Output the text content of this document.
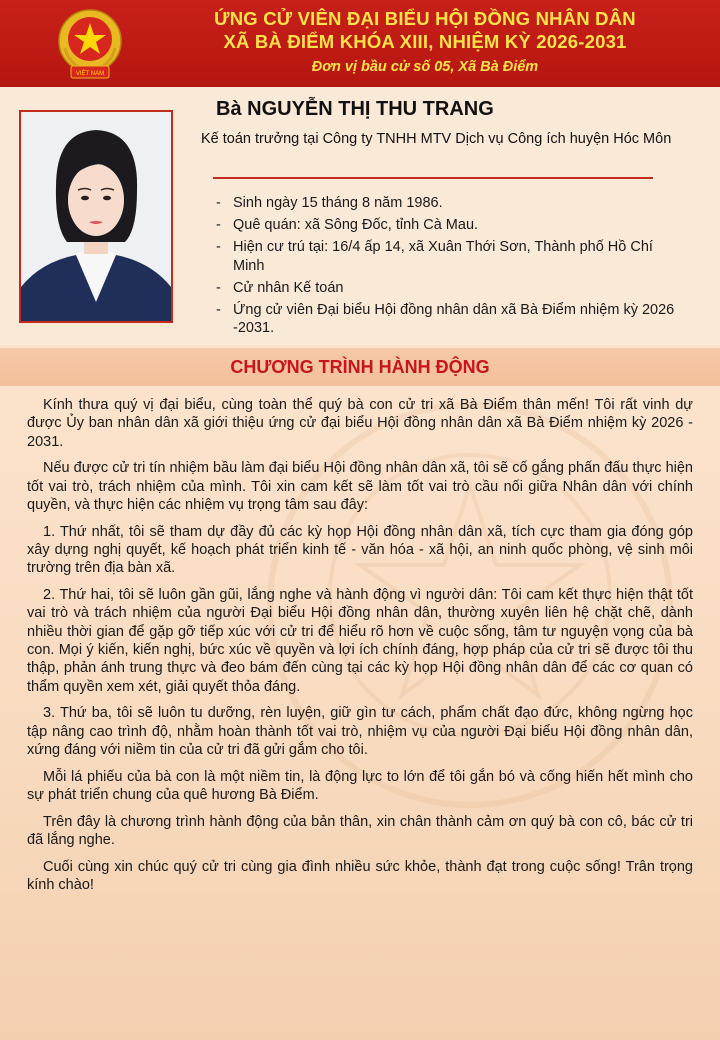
VIỆT NAM
ỨNG CỬ VIÊN ĐẠI BIỂU HỘI ĐỒNG NHÂN DÂN
XÃ BÀ ĐIỂM KHÓA XIII, NHIỆM KỲ 2026-2031
Đơn vị bầu cử số 05, Xã Bà Điểm
Bà NGUYỄN THỊ THU TRANG
Kế toán trưởng tại Công ty TNHH MTV Dịch vụ Công ích huyện Hóc Môn
- Sinh ngày 15 tháng 8 năm 1986.
- Quê quán: xã Sông Đốc, tỉnh Cà Mau.
- Hiện cư trú tại: 16/4 ấp 14, xã Xuân Thới Sơn, Thành phố Hồ Chí Minh
- Cử nhân Kế toán
- Ứng cử viên Đại biểu Hội đồng nhân dân xã Bà Điểm nhiệm kỳ 2026 -2031.
CHƯƠNG TRÌNH HÀNH ĐỘNG

Kính thưa quý vị đại biểu, cùng toàn thể quý bà con cử tri xã Bà Điểm thân mến! Tôi rất vinh dự được Ủy ban nhân dân xã giới thiệu ứng cử đại biểu Hội đồng nhân dân xã Bà Điểm nhiệm kỳ 2026 - 2031.

Nếu được cử tri tín nhiệm bầu làm đại biểu Hội đồng nhân dân xã, tôi sẽ cố gắng phấn đấu thực hiện tốt vai trò, trách nhiệm của mình. Tôi xin cam kết sẽ làm tốt vai trò cầu nối giữa Nhân dân với chính quyền, và thực hiện các nhiệm vụ trọng tâm sau đây:

1. Thứ nhất, tôi sẽ tham dự đầy đủ các kỳ họp Hội đồng nhân dân xã, tích cực tham gia đóng góp xây dựng nghị quyết, kế hoạch phát triển kinh tế - văn hóa - xã hội, an ninh quốc phòng, vệ sinh môi trường trên địa bàn xã.

2. Thứ hai, tôi sẽ luôn gần gũi, lắng nghe và hành động vì người dân: Tôi cam kết thực hiện thật tốt vai trò và trách nhiệm của người Đại biểu Hội đồng nhân dân, thường xuyên liên hệ chặt chẽ, dành nhiều thời gian để gặp gỡ tiếp xúc với cử tri để hiểu rõ hơn về cuộc sống, tâm tư nguyện vọng của bà con. Mọi ý kiến, kiến nghị, bức xúc về quyền và lợi ích chính đáng, hợp pháp của cử tri sẽ được tôi thu thập, phản ánh trung thực và đeo bám đến cùng tại các kỳ họp Hội đồng nhân dân để các cơ quan có thẩm quyền xem xét, giải quyết thỏa đáng.

3. Thứ ba, tôi sẽ luôn tu dưỡng, rèn luyện, giữ gìn tư cách, phẩm chất đạo đức, không ngừng học tập nâng cao trình độ, nhằm hoàn thành tốt vai trò, nhiệm vụ của người Đại biểu Hội đồng nhân dân, xứng đáng với niềm tin của cử tri đã gửi gắm cho tôi.

Mỗi lá phiếu của bà con là một niềm tin, là động lực to lớn để tôi gắn bó và cống hiến hết mình cho sự phát triển chung của quê hương Bà Điểm.

Trên đây là chương trình hành động của bản thân, xin chân thành cảm ơn quý bà con cô, bác cử tri đã lắng nghe.

Cuối cùng xin chúc quý cử tri cùng gia đình nhiều sức khỏe, thành đạt trong cuộc sống! Trân trọng kính chào!
